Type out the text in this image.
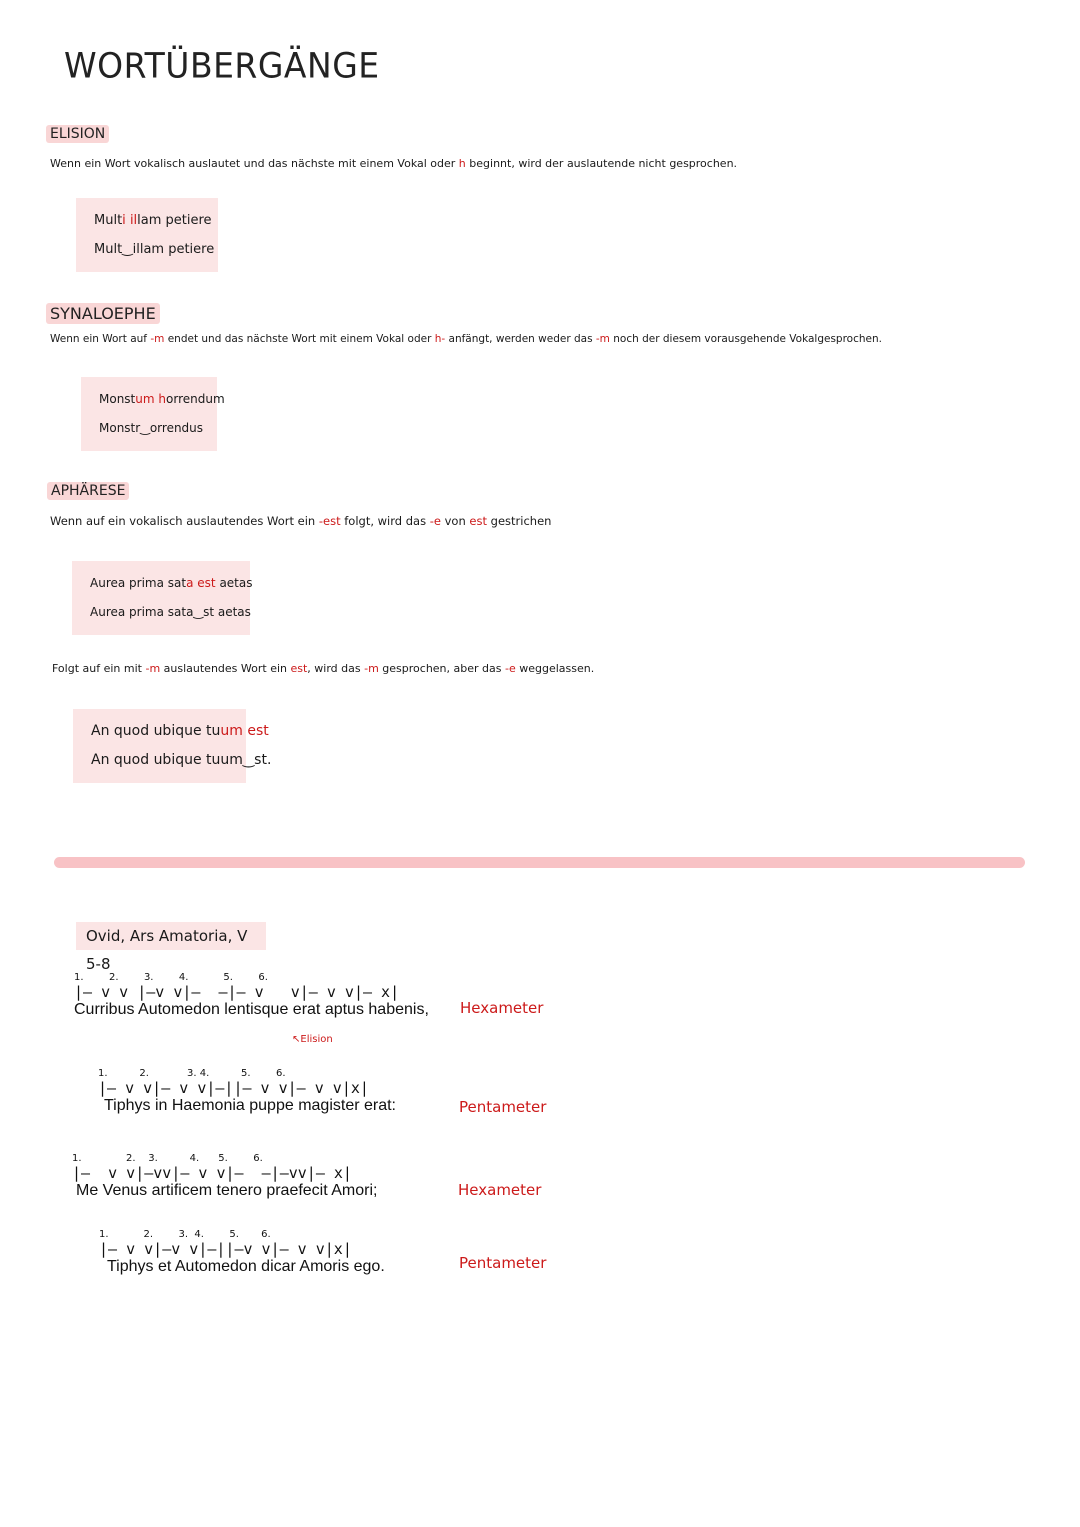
WORTÜBERGÄNGE
ELISION
Wenn ein Wort vokalisch auslautet und das nächste mit einem Vokal oder h beginnt, wird der auslautende nicht gesprochen.
Multi illam petiere
Mult‿illam petiere
SYNALOEPHE
Wenn ein Wort auf -m endet und das nächste Wort mit einem Vokal oder h- anfängt, werden weder das -m noch der diesem vorausgehende Vokalgesprochen.
Monstum horrendum
Monstr‿orrendus
APHÄRESE
Wenn auf ein vokalisch auslautendes Wort ein -est folgt, wird das -e von est gestrichen
Aurea prima sata est aetas
Aurea prima sata‿st aetas
Folgt auf ein mit -m auslautendes Wort ein est, wird das -m gesprochen, aber das -e weggelassen.
An quod ubique tuum est
An quod ubique tuum‿st.
Ovid, Ars Amatoria, V 5-8
1.        2.        3.        4.           5.        6.
|– v v |–v v|–  –|– v   v|– v v|– x|
Curribus Automedon lentisque erat aptus habenis,
↖Elision
Hexameter
1.          2.            3. 4.          5.        6.
|– v v|– v v|–||– v v|– v v|x|
Tiphys in Haemonia puppe magister erat:	Pentameter
1.              2.    3.          4.      5.        6.
|–  v v|–vv|– v v|–  –|–vv|– x|
Me Venus artificem tenero praefecit Amori;	Hexameter
1.           2.        3.  4.        5.       6.
|– v v|–v v|–||–v v|– v v|x|
Tiphys et Automedon dicar Amoris ego.	Pentameter
